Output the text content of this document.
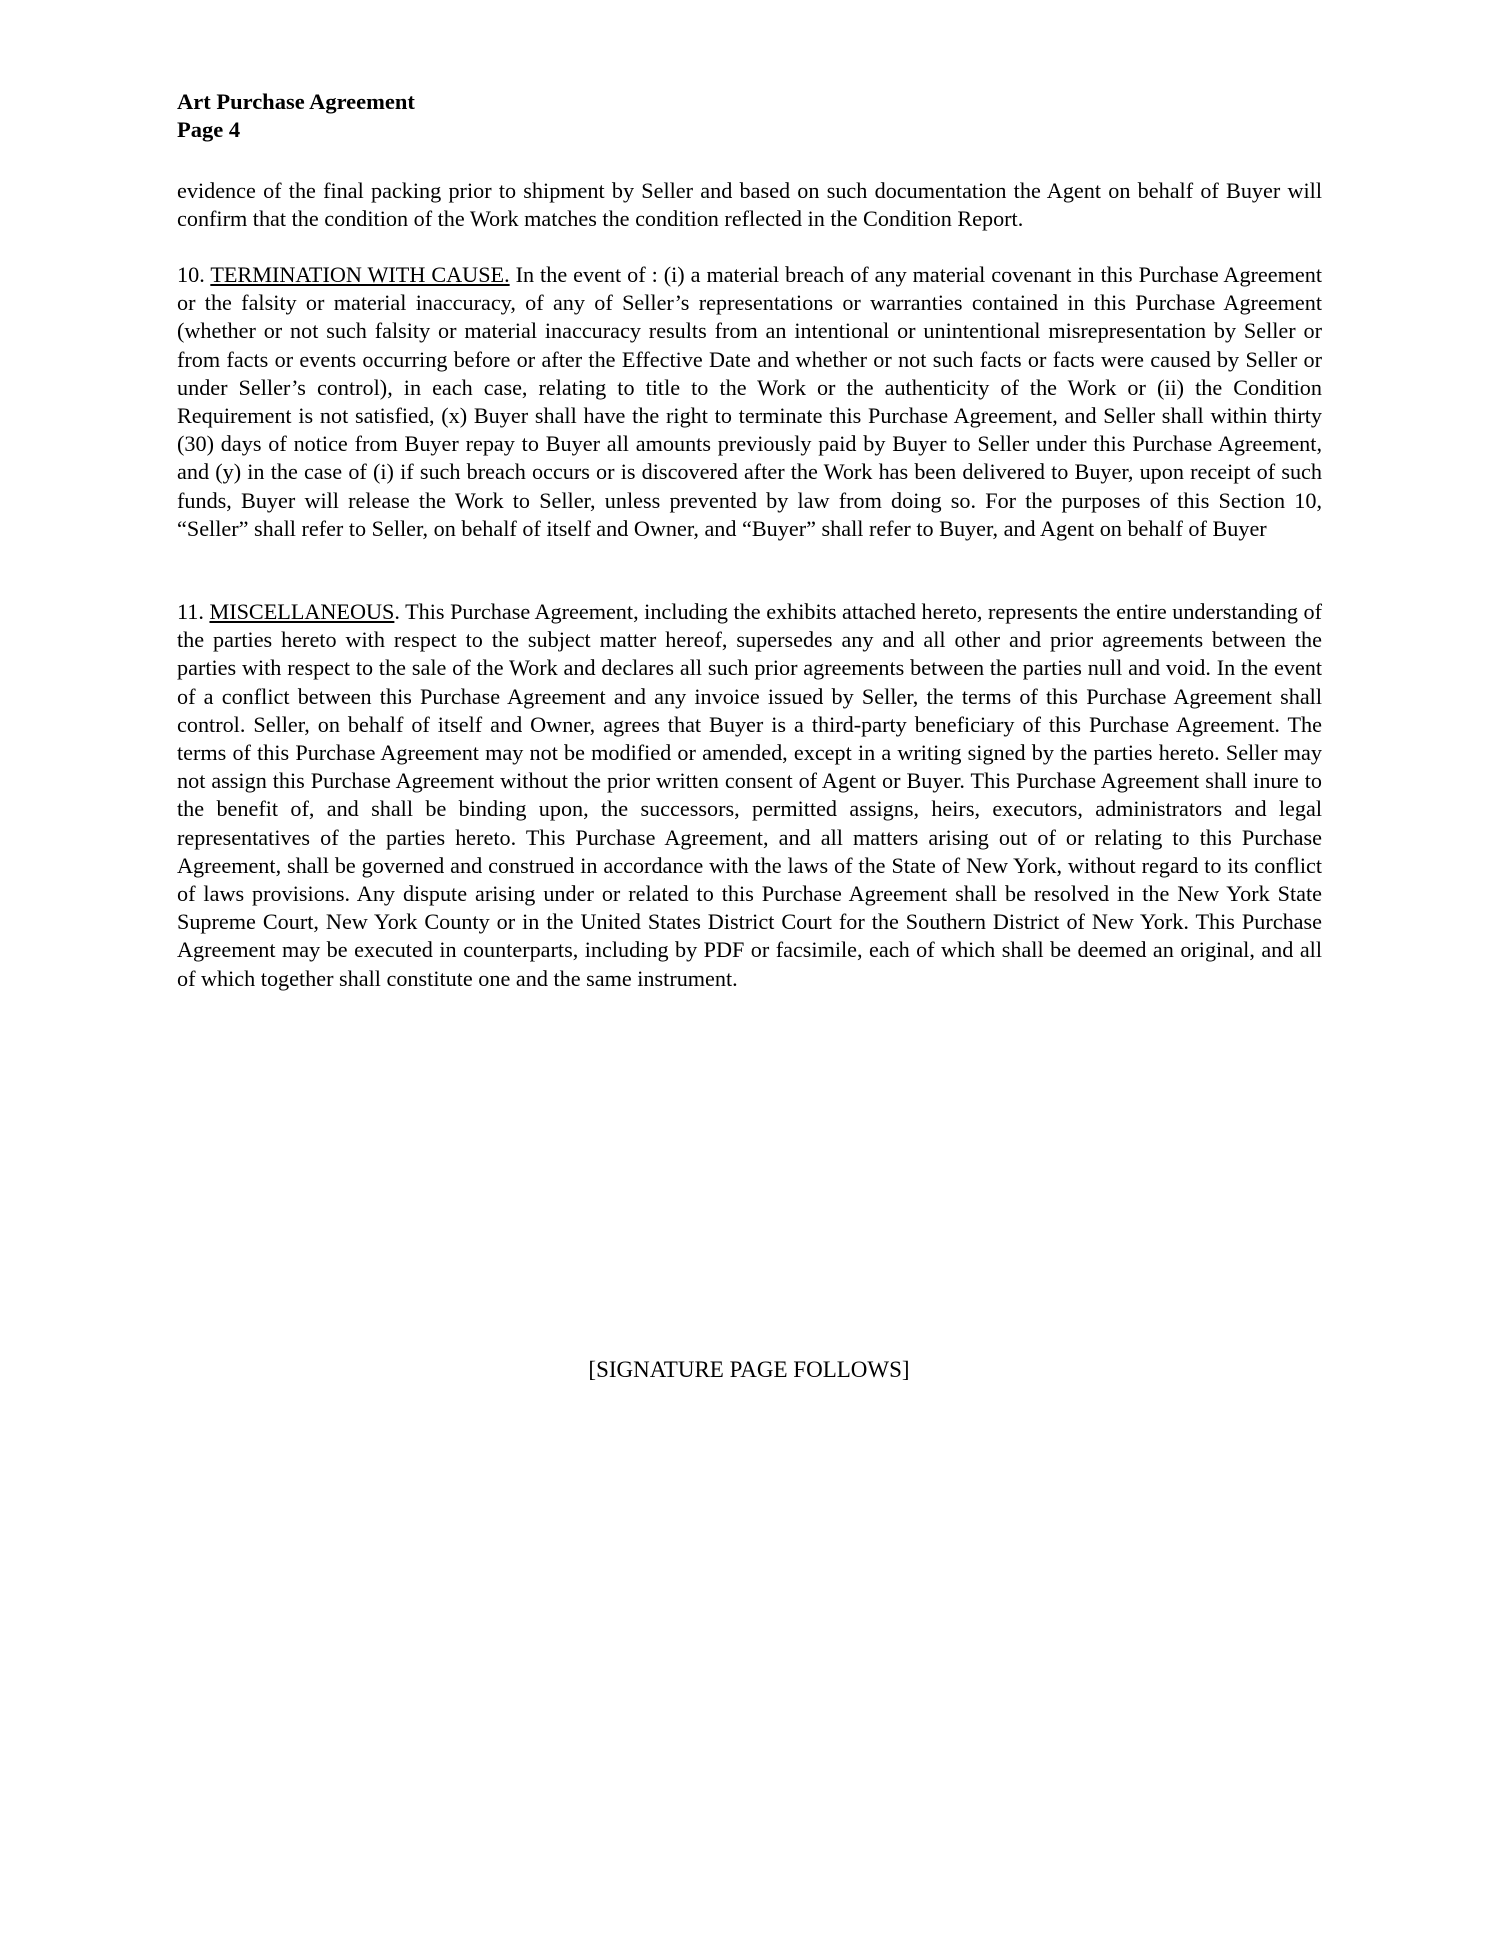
Art Purchase Agreement
Page 4

evidence of the final packing prior to shipment by Seller and based on such documentation the Agent on behalf of Buyer will confirm that the condition of the Work matches the condition reflected in the Condition Report.

10. TERMINATION WITH CAUSE. In the event of : (i) a material breach of any material covenant in this Purchase Agreement or the falsity or material inaccuracy, of any of Seller’s representations or warranties contained in this Purchase Agreement (whether or not such falsity or material inaccuracy results from an intentional or unintentional misrepresentation by Seller or from facts or events occurring before or after the Effective Date and whether or not such facts or facts were caused by Seller or under Seller’s control), in each case, relating to title to the Work or the authenticity of the Work or (ii) the Condition Requirement is not satisfied, (x) Buyer shall have the right to terminate this Purchase Agreement, and Seller shall within thirty (30) days of notice from Buyer repay to Buyer all amounts previously paid by Buyer to Seller under this Purchase Agreement, and (y) in the case of (i) if such breach occurs or is discovered after the Work has been delivered to Buyer, upon receipt of such funds, Buyer will release the Work to Seller, unless prevented by law from doing so. For the purposes of this Section 10, “Seller” shall refer to Seller, on behalf of itself and Owner, and “Buyer” shall refer to Buyer, and Agent on behalf of Buyer

11. MISCELLANEOUS. This Purchase Agreement, including the exhibits attached hereto, represents the entire understanding of the parties hereto with respect to the subject matter hereof, supersedes any and all other and prior agreements between the parties with respect to the sale of the Work and declares all such prior agreements between the parties null and void. In the event of a conflict between this Purchase Agreement and any invoice issued by Seller, the terms of this Purchase Agreement shall control. Seller, on behalf of itself and Owner, agrees that Buyer is a third-party beneficiary of this Purchase Agreement. The terms of this Purchase Agreement may not be modified or amended, except in a writing signed by the parties hereto. Seller may not assign this Purchase Agreement without the prior written consent of Agent or Buyer. This Purchase Agreement shall inure to the benefit of, and shall be binding upon, the successors, permitted assigns, heirs, executors, administrators and legal representatives of the parties hereto. This Purchase Agreement, and all matters arising out of or relating to this Purchase Agreement, shall be governed and construed in accordance with the laws of the State of New York, without regard to its conflict of laws provisions. Any dispute arising under or related to this Purchase Agreement shall be resolved in the New York State Supreme Court, New York County or in the United States District Court for the Southern District of New York. This Purchase Agreement may be executed in counterparts, including by PDF or facsimile, each of which shall be deemed an original, and all of which together shall constitute one and the same instrument.

[SIGNATURE PAGE FOLLOWS]
